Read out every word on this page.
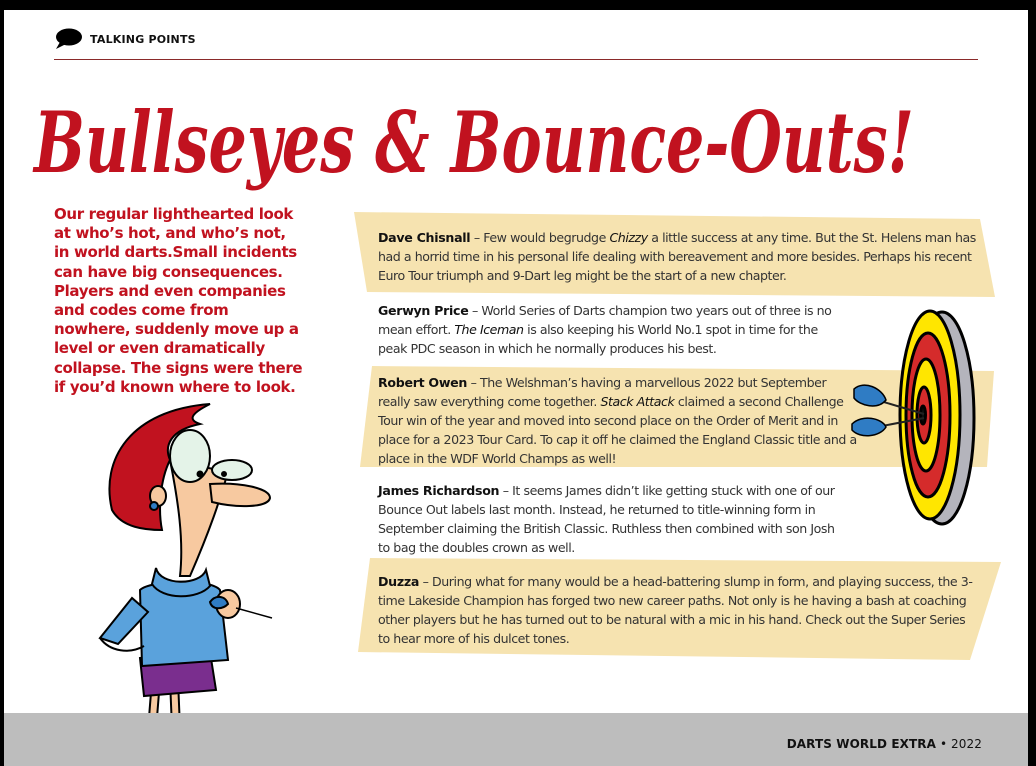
TALKING POINTS
Bullseyes & Bounce-Outs!
Our regular lighthearted look at who’s hot, and who’s not, in world darts.Small incidents can have big consequences. Players and even companies and codes come from nowhere, suddenly move up a level or even dramatically collapse. The signs were there if you’d known where to look.
Dave Chisnall – Few would begrudge Chizzy a little success at any time. But the St. Helens man has had a horrid time in his personal life dealing with bereavement and more besides. Perhaps his recent Euro Tour triumph and 9-Dart leg might be the start of a new chapter.
Gerwyn Price – World Series of Darts champion two years out of three is no mean effort. The Iceman is also keeping his World No.1 spot in time for the peak PDC season in which he normally produces his best.
Robert Owen – The Welshman’s having a marvellous 2022 but September really saw everything come together. Stack Attack claimed a second Challenge Tour win of the year and moved into second place on the Order of Merit and in place for a 2023 Tour Card. To cap it off he claimed the England Classic title and a place in the WDF World Champs as well!
James Richardson – It seems James didn’t like getting stuck with one of our Bounce Out labels last month. Instead, he returned to title-winning form in September claiming the British Classic. Ruthless then combined with son Josh to bag the doubles crown as well.
Duzza – During what for many would be a head-battering slump in form, and playing success, the 3-time Lakeside Champion has forged two new career paths. Not only is he having a bash at coaching other players but he has turned out to be natural with a mic in his hand. Check out the Super Series to hear more of his dulcet tones.
DARTS WORLD EXTRA • 2022
